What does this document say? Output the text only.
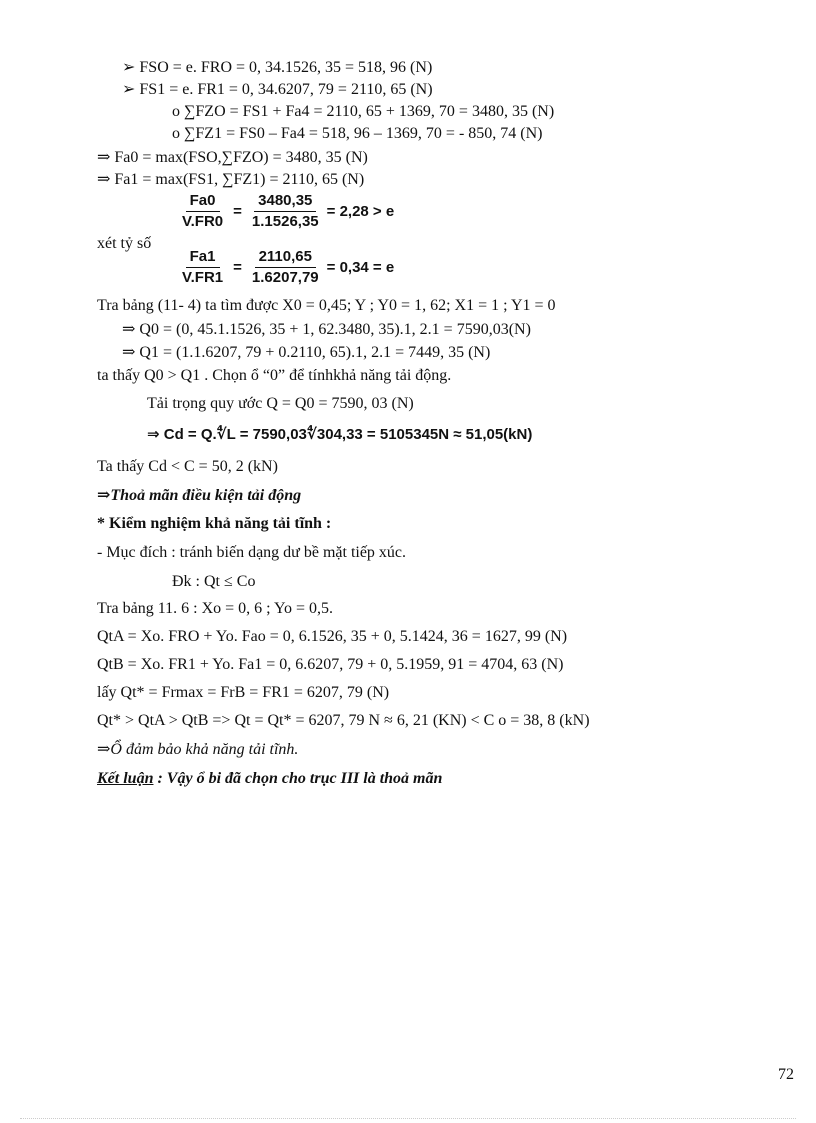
➢ FSO = e. FRO = 0, 34.1526, 35 = 518, 96 (N)
➢ FS1 = e. FR1 = 0, 34.6207, 79 = 2110, 65 (N)
o ∑FZO = FS1 + Fa4 = 2110, 65 + 1369, 70 = 3480, 35 (N)
o ∑FZ1 = FS0 – Fa4 = 518, 96 – 1369, 70 = - 850, 74 (N)
⇒ Fa0 = max(FSO,∑FZO) = 3480, 35 (N)
⇒ Fa1 = max(FS1, ∑FZ1) = 2110, 65 (N)
$\frac{Fa0}{V.FR0} = \frac{3480,35}{1.1526,35} = 2,28 > e$
xét tỷ số
$\frac{Fa1}{V.FR1} = \frac{2110,65}{1.6207,79} = 0,34 = e$
Tra bảng (11- 4) ta tìm được X0 = 0,45; Y ; Y0 = 1, 62; X1 = 1 ; Y1 = 0
⇒ Q0 = (0, 45.1.1526, 35 + 1, 62.3480, 35).1, 2.1 = 7590,03(N)
⇒ Q1 = (1.1.6207, 79 + 0.2110, 65).1, 2.1 = 7449, 35 (N)
ta thấy Q0 > Q1 . Chọn ổ “0” để tínhkhả năng tải động.
Tải trọng quy ước Q = Q0 = 7590, 03 (N)
⇒ Cd = Q.∜L = 7590,03∜304,33 = 5105345N ≈ 51,05(kN)
Ta thấy Cd < C = 50, 2 (kN)
⇒Thoả mãn điều kiện tải động
* Kiểm nghiệm khả năng tải tĩnh :
- Mục đích : tránh biến dạng dư bề mặt tiếp xúc.
Đk : Qt ≤ Co
Tra bảng 11. 6 : Xo = 0, 6 ; Yo = 0,5.
QtA = Xo. FRO + Yo. Fao = 0, 6.1526, 35 + 0, 5.1424, 36 = 1627, 99 (N)
QtB = Xo. FR1 + Yo. Fa1 = 0, 6.6207, 79 + 0, 5.1959, 91 = 4704, 63 (N)
lấy Qt* = Frmax = FrB = FR1 = 6207, 79 (N)
Qt* > QtA > QtB => Qt = Qt* = 6207, 79 N ≈ 6, 21 (KN) < C o = 38, 8 (kN)
⇒Ổ đảm bảo khả năng tải tĩnh.
Kết luận : Vậy ổ bi đã chọn cho trục III là thoả mãn
72
